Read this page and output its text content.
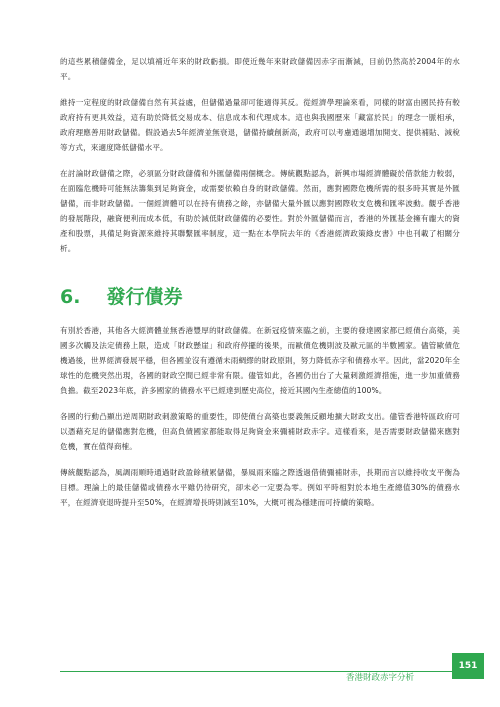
的這些累積儲備金，足以填補近年來的財政虧損。即使近幾年來財政儲備因赤字而漸減，目前仍然高於2004年的水平。

維持一定程度的財政儲備自然有其益處，但儲備過量卻可能適得其反。從經濟學理論來看，同樣的財富由國民持有較政府持有更具效益，這有助於降低交易成本、信息成本和代理成本。這也與我國歷來「藏富於民」的理念一脈相承，政府理應善用財政儲備。假設過去5年經濟並無衰退，儲備持續創新高，政府可以考慮通過增加開支、提供補貼、減稅等方式，來適度降低儲備水平。

在討論財政儲備之際，必須區分財政儲備和外匯儲備兩個概念。傳統觀點認為，新興市場經濟體礙於借款能力較弱，在面臨危機時可能無法籌集到足夠資金，或需要依賴自身的財政儲備。然而，應對國際危機所需的很多時其實是外匯儲備，而非財政儲備。一個經濟體可以在持有債務之餘，亦儲備大量外匯以應對國際收支危機和匯率波動。觀乎香港的發展階段，融資便利而成本低，有助於減低財政儲備的必要性。對於外匯儲備而言，香港的外匯基金擁有龐大的資產和股票，具備足夠資源來維持其聯繫匯率制度，這一點在本學院去年的《香港經濟政策綠皮書》中也刊載了相關分析。

6. 發行債券

有別於香港，其他各大經濟體並無香港豐厚的財政儲備。在新冠疫情來臨之前，主要的發達國家都已經債台高築，美國多次觸及法定債務上限，造成「財政懸崖」和政府停擺的後果，而歐債危機則波及歐元區的半數國家。儘管歐債危機過後，世界經濟發展平穩，但各國並沒有遵循未雨綢繆的財政原則，努力降低赤字和債務水平。因此，當2020年全球性的危機突然出現，各國的財政空間已經非常有限。儘管如此，各國仍出台了大量刺激經濟措施，進一步加重債務負擔。截至2023年底，許多國家的債務水平已經達到歷史高位，接近其國內生產總值的100%。

各國的行動凸顯出逆周期財政刺激策略的重要性，即使債台高築也要義無反顧地擴大財政支出。儘管香港特區政府可以憑藉充足的儲備應對危機，但高負債國家都能取得足夠資金來彌補財政赤字。這樣看來，是否需要財政儲備來應對危機，實在值得商榷。

傳統觀點認為，風調雨順時通過財政盈餘積累儲備，暴風雨來臨之際透過借債彌補財赤，長期而言以維持收支平衡為目標。理論上的最佳儲備或債務水平雖仍待研究，卻未必一定要為零。例如平時相對於本地生產總值30%的債務水平，在經濟衰退時提升至50%，在經濟增長時則減至10%，大概可視為穩建而可持續的策略。

香港財政赤字分析
151
